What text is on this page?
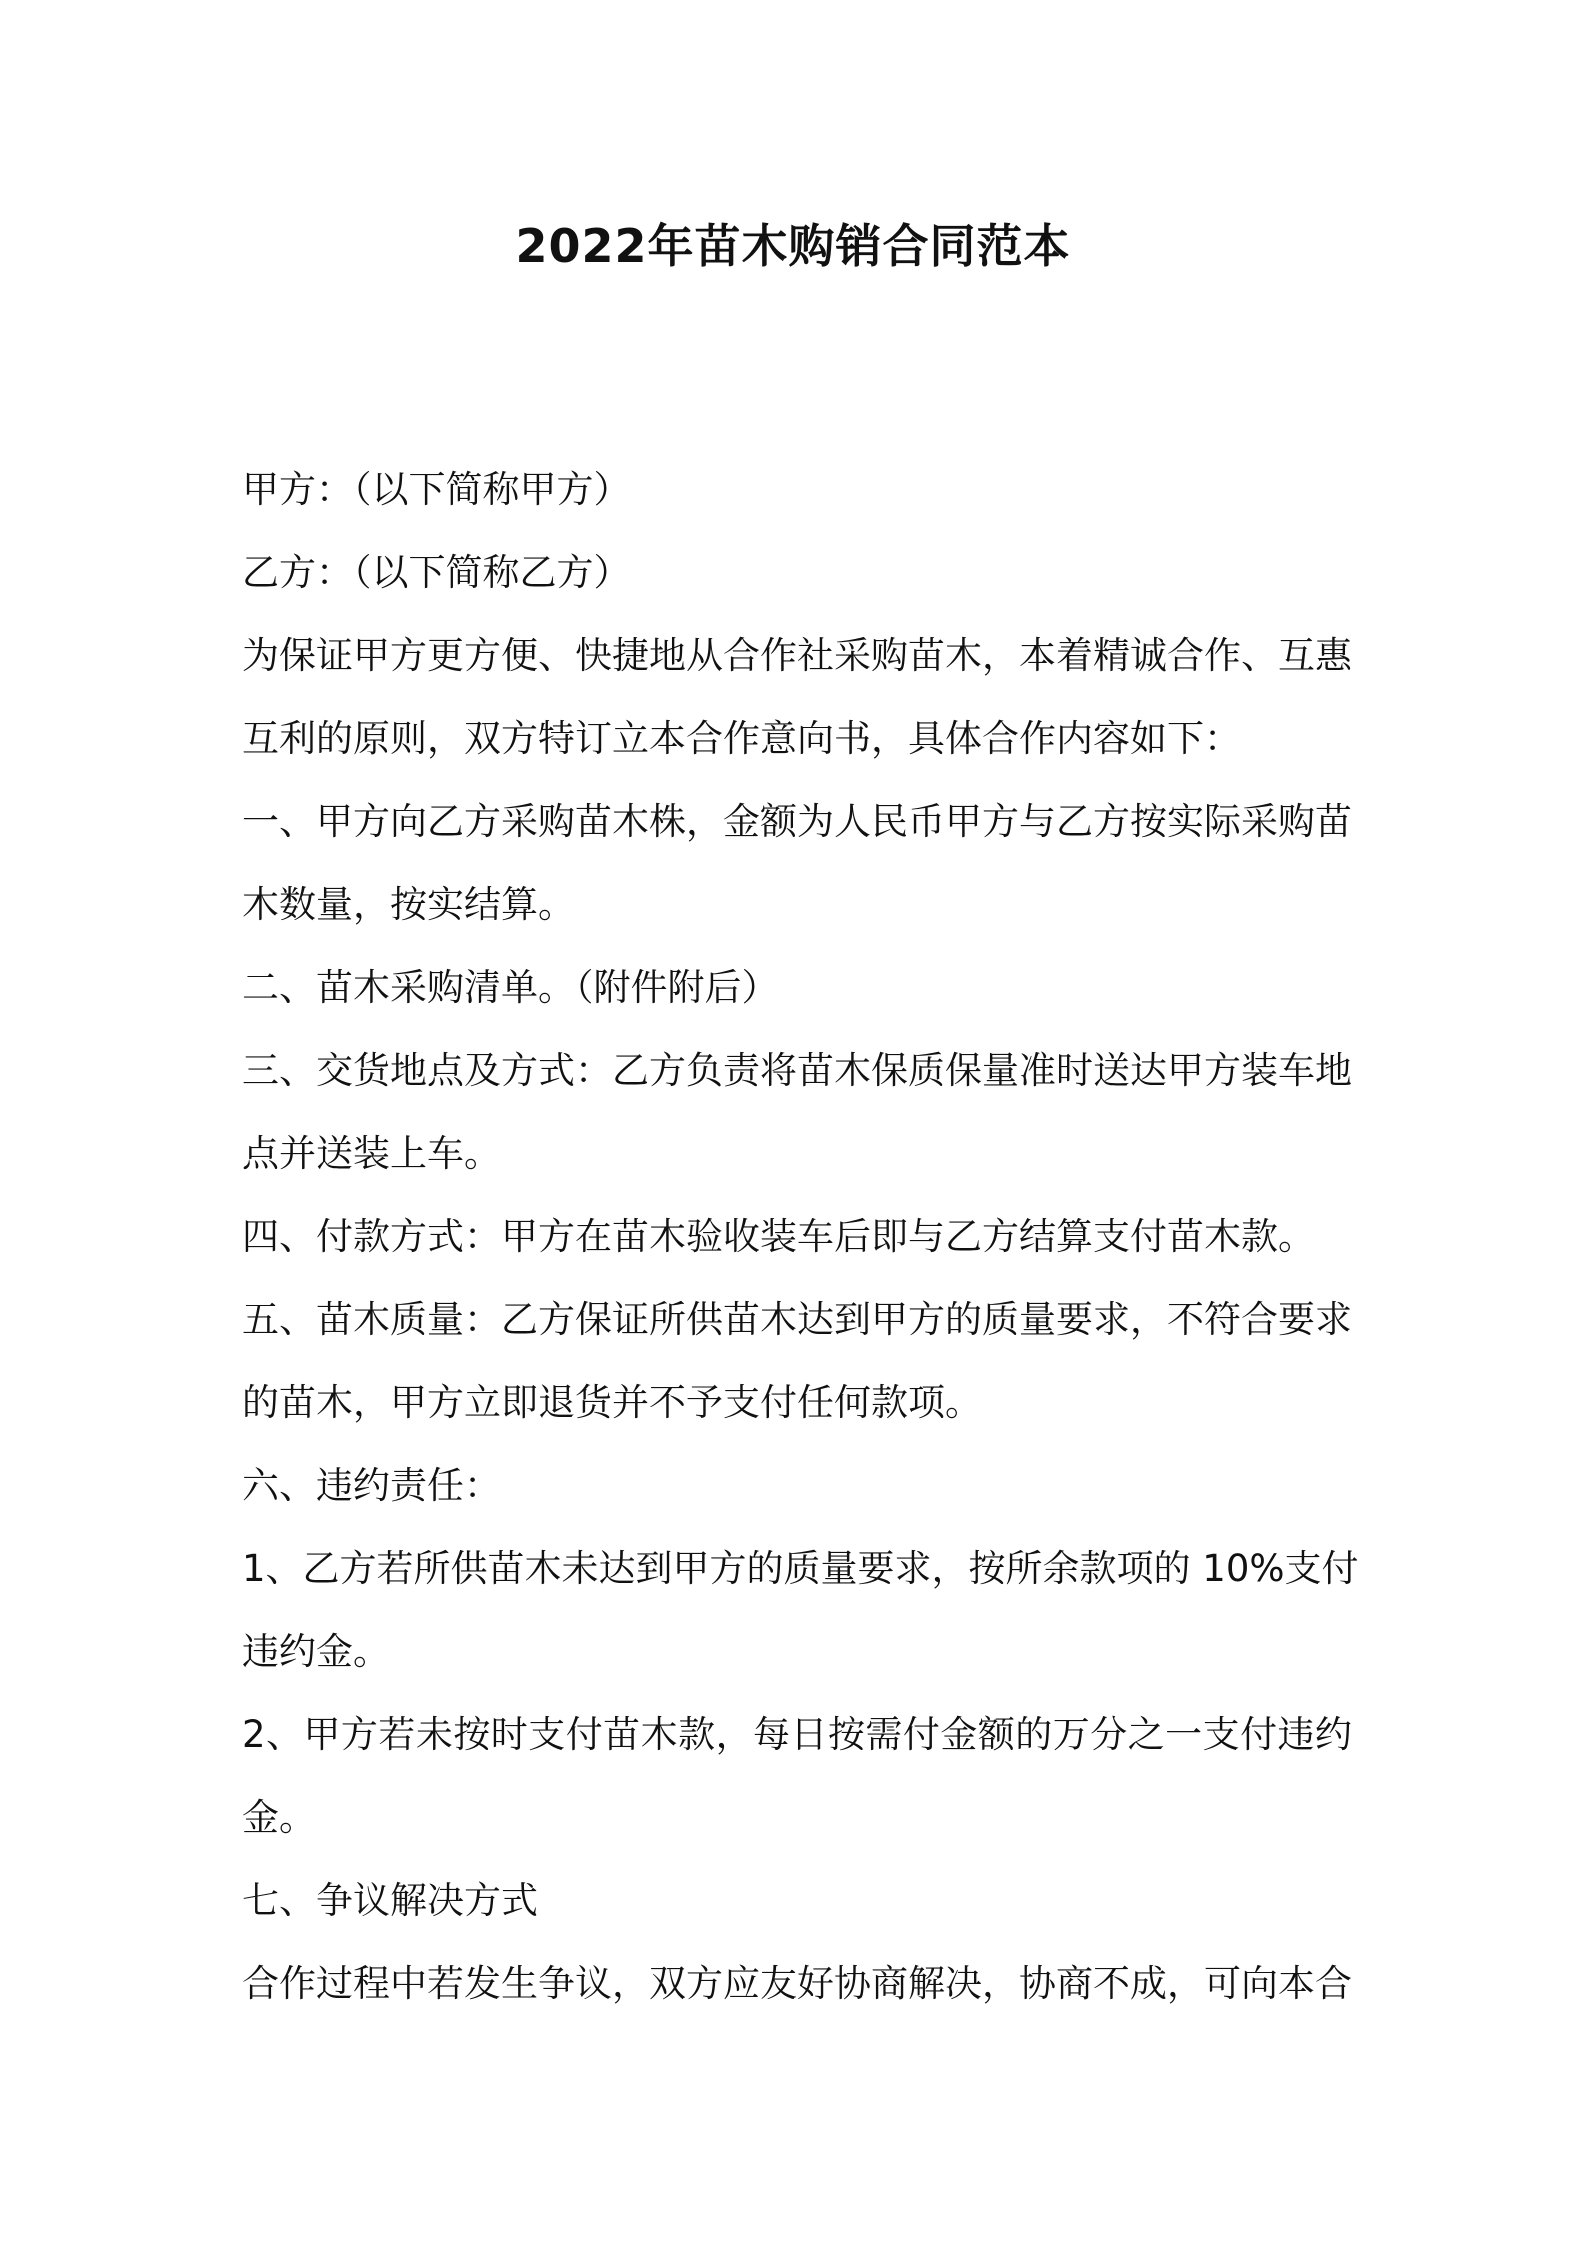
2022年苗木购销合同范本
甲方：（以下简称甲方）
乙方：（以下简称乙方）
为保证甲方更方便、快捷地从合作社采购苗木，本着精诚合作、互惠
互利的原则，双方特订立本合作意向书，具体合作内容如下：
一、甲方向乙方采购苗木株，金额为人民币甲方与乙方按实际采购苗
木数量，按实结算。
二、苗木采购清单。（附件附后）
三、交货地点及方式：乙方负责将苗木保质保量准时送达甲方装车地
点并送装上车。
四、付款方式：甲方在苗木验收装车后即与乙方结算支付苗木款。
五、苗木质量：乙方保证所供苗木达到甲方的质量要求，不符合要求
的苗木，甲方立即退货并不予支付任何款项。
六、违约责任：
1、乙方若所供苗木未达到甲方的质量要求，按所余款项的 10%支付
违约金。
2、甲方若未按时支付苗木款，每日按需付金额的万分之一支付违约
金。
七、争议解决方式
合作过程中若发生争议，双方应友好协商解决，协商不成，可向本合
